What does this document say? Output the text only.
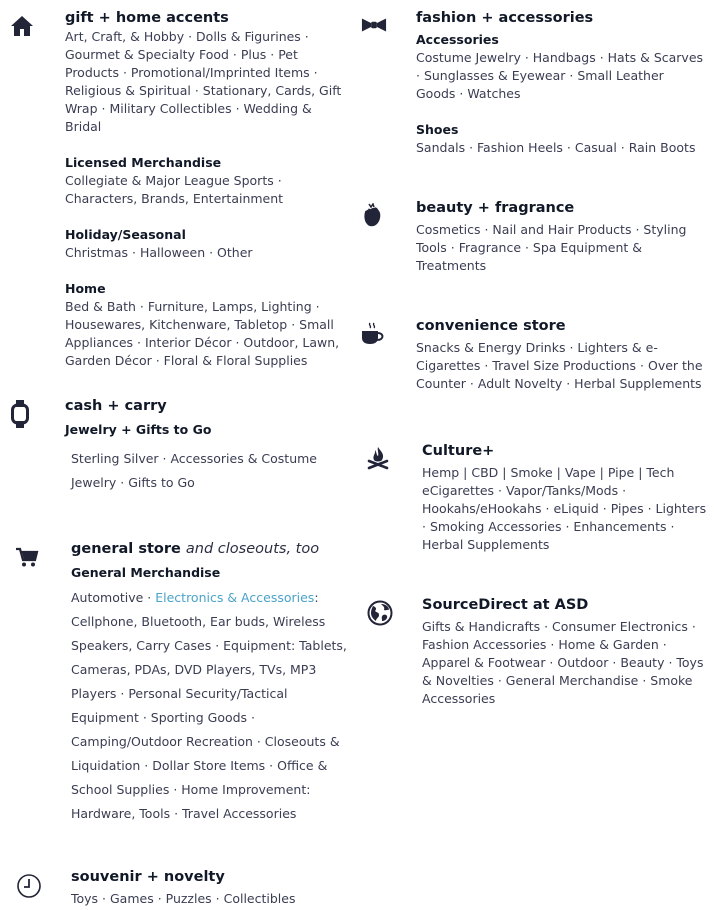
gift + home accents

Art, Craft, & Hobby · Dolls & Figurines · Gourmet & Specialty Food · Plus · Pet Products · Promotional/Imprinted Items · Religious & Spiritual · Stationary, Cards, Gift Wrap · Military Collectibles · Wedding & Bridal

Licensed Merchandise

Collegiate & Major League Sports · Characters, Brands, Entertainment

Holiday/Seasonal

Christmas · Halloween · Other

Home

Bed & Bath · Furniture, Lamps, Lighting · Housewares, Kitchenware, Tabletop · Small Appliances · Interior Décor · Outdoor, Lawn, Garden Décor · Floral & Floral Supplies

cash + carry
Jewelry + Gifts to Go

Sterling Silver · Accessories & Costume Jewelry · Gifts to Go

general store and closeouts, too
General Merchandise

Automotive · Electronics & Accessories: Cellphone, Bluetooth, Ear buds, Wireless Speakers, Carry Cases · Equipment: Tablets, Cameras, PDAs, DVD Players, TVs, MP3 Players · Personal Security/Tactical Equipment · Sporting Goods · Camping/Outdoor Recreation · Closeouts & Liquidation · Dollar Store Items · Office & School Supplies · Home Improvement: Hardware, Tools · Travel Accessories

souvenir + novelty

Toys · Games · Puzzles · Collectibles

fashion + accessories
Accessories

Costume Jewelry · Handbags · Hats & Scarves · Sunglasses & Eyewear · Small Leather Goods · Watches

Shoes

Sandals · Fashion Heels · Casual · Rain Boots

beauty + fragrance

Cosmetics · Nail and Hair Products · Styling Tools · Fragrance · Spa Equipment & Treatments

convenience store

Snacks & Energy Drinks · Lighters & e-Cigarettes · Travel Size Productions · Over the Counter · Adult Novelty · Herbal Supplements

Culture+

Hemp | CBD | Smoke | Vape | Pipe | Tech eCigarettes · Vapor/Tanks/Mods · Hookahs/eHookahs · eLiquid · Pipes · Lighters · Smoking Accessories · Enhancements · Herbal Supplements

SourceDirect at ASD

Gifts & Handicrafts · Consumer Electronics · Fashion Accessories · Home & Garden · Apparel & Footwear · Outdoor · Beauty · Toys & Novelties · General Merchandise · Smoke Accessories
